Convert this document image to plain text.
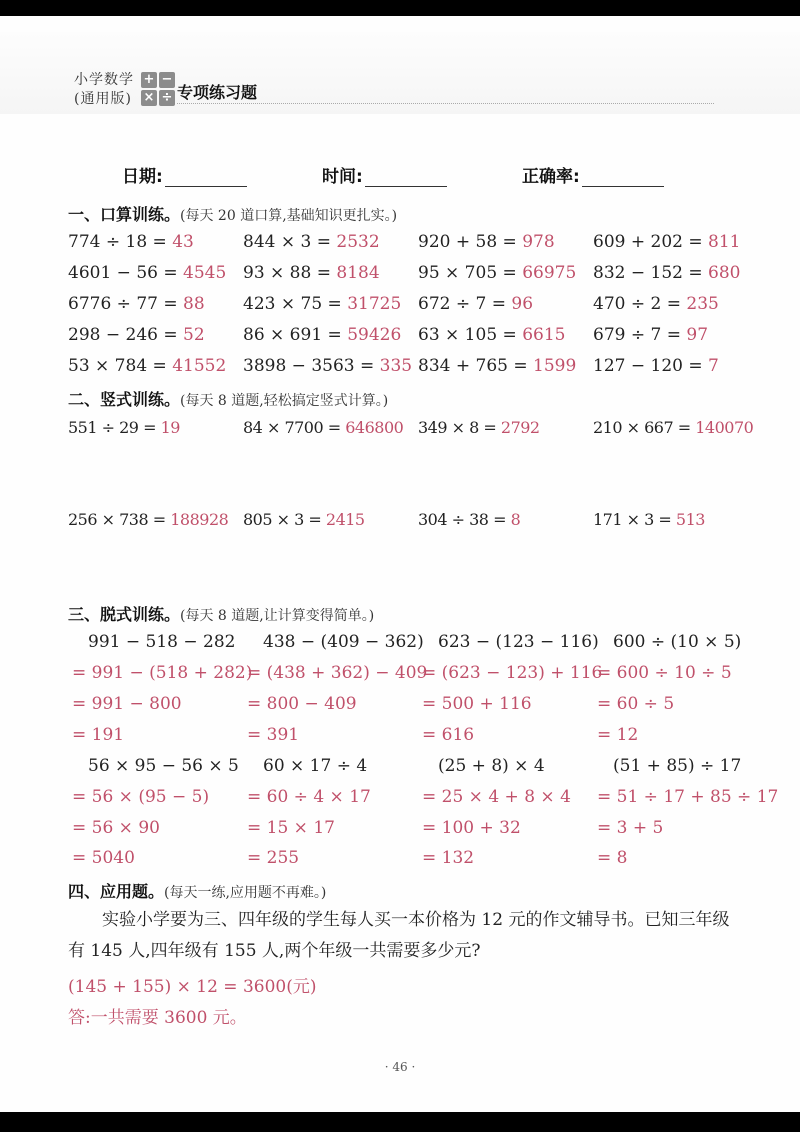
小学数学
(通用版)
+ −
× ÷ 专项练习题
日期:	时间:	正确率:
一、口算训练。(每天 20 道口算,基础知识更扎实。)
774 ÷ 18 = 43	844 × 3 = 2532 920 + 58 = 978 609 + 202 = 811
4601 − 56 = 4545 93 × 88 = 8184 95 × 705 = 66975 832 − 152 = 680
6776 ÷ 77 = 88 423 × 75 = 31725 672 ÷ 7 = 96	470 ÷ 2 = 235
298 − 246 = 52 86 × 691 = 59426 63 × 105 = 6615 679 ÷ 7 = 97
53 × 784 = 41552 3898 − 3563 = 335 834 + 765 = 1599 127 − 120 = 7
二、竖式训练。(每天 8 道题,轻松搞定竖式计算。)
551 ÷ 29 = 19	84 × 7700 = 646800 349 × 8 = 2792	210 × 667 = 140070
256 × 738 = 188928 805 × 3 = 2415	304 ÷ 38 = 8	171 × 3 = 513
三、脱式训练。(每天 8 道题,让计算变得简单。)
991 − 518 − 282
= 991 − (518 + 282)
= 991 − 800
= 191
438 − (409 − 362)
= (438 + 362) − 409
= 800 − 409
= 391
623 − (123 − 116)
= (623 − 123) + 116
= 500 + 116
= 616
600 ÷ (10 × 5)
= 600 ÷ 10 ÷ 5
= 60 ÷ 5
= 12
56 × 95 − 56 × 5
= 56 × (95 − 5)
= 56 × 90
= 5040
60 × 17 ÷ 4
= 60 ÷ 4 × 17
= 15 × 17
= 255
(25 + 8) × 4
= 25 × 4 + 8 × 4
= 100 + 32
= 132
(51 + 85) ÷ 17
= 51 ÷ 17 + 85 ÷ 17
= 3 + 5
= 8
四、应用题。(每天一练,应用题不再难。)
实验小学要为三、四年级的学生每人买一本价格为 12 元的作文辅导书。已知三年级有 145 人,四年级有 155 人,两个年级一共需要多少元?
(145 + 155) × 12 = 3600(元)
答:一共需要 3600 元。
· 46 ·
